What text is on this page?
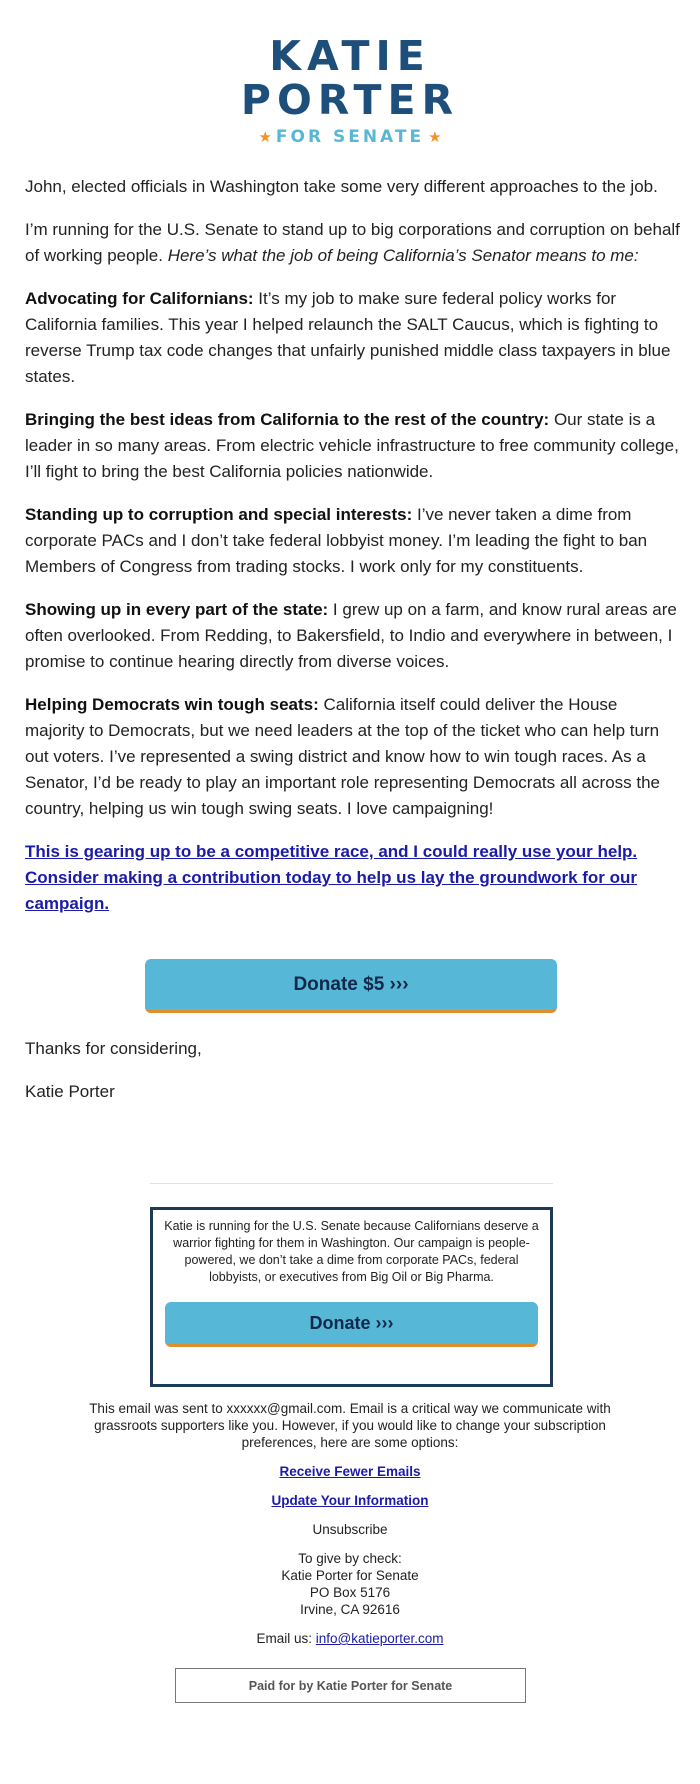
KATIE
PORTER
★ FOR SENATE ★

John, elected officials in Washington take some very different approaches to the job.

I’m running for the U.S. Senate to stand up to big corporations and corruption on behalf of working people. Here’s what the job of being California’s Senator means to me:

Advocating for Californians: It’s my job to make sure federal policy works for California families. This year I helped relaunch the SALT Caucus, which is fighting to reverse Trump tax code changes that unfairly punished middle class taxpayers in blue states.

Bringing the best ideas from California to the rest of the country: Our state is a leader in so many areas. From electric vehicle infrastructure to free community college, I’ll fight to bring the best California policies nationwide.

Standing up to corruption and special interests: I’ve never taken a dime from corporate PACs and I don’t take federal lobbyist money. I’m leading the fight to ban Members of Congress from trading stocks. I work only for my constituents.

Showing up in every part of the state: I grew up on a farm, and know rural areas are often overlooked. From Redding, to Bakersfield, to Indio and everywhere in between, I promise to continue hearing directly from diverse voices.

Helping Democrats win tough seats: California itself could deliver the House majority to Democrats, but we need leaders at the top of the ticket who can help turn out voters. I’ve represented a swing district and know how to win tough races. As a Senator, I’d be ready to play an important role representing Democrats all across the country, helping us win tough swing seats. I love campaigning!

This is gearing up to be a competitive race, and I could really use your help. Consider making a contribution today to help us lay the groundwork for our campaign.
Donate $5 ›››

Thanks for considering,

Katie Porter

Katie is running for the U.S. Senate because Californians deserve a warrior fighting for them in Washington. Our campaign is people-powered, we don’t take a dime from corporate PACs, federal lobbyists, or executives from Big Oil or Big Pharma.
Donate ›››
This email was sent to xxxxxx@gmail.com. Email is a critical way we communicate with grassroots supporters like you. However, if you would like to change your subscription preferences, here are some options:
Receive Fewer Emails
Update Your Information
Unsubscribe
To give by check:
Katie Porter for Senate
PO Box 5176
Irvine, CA 92616
Email us: info@katieporter.com
Paid for by Katie Porter for Senate
